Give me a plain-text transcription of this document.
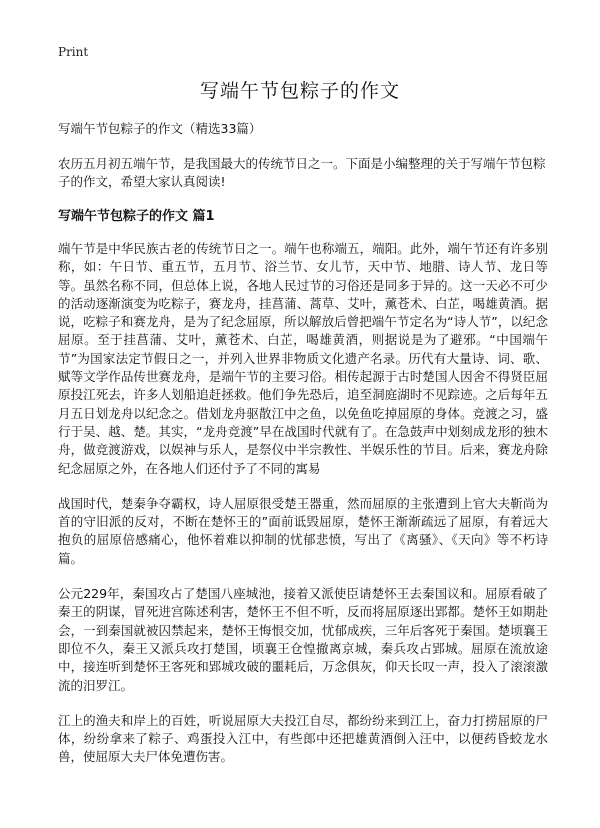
Print
写端午节包粽子的作文

写端午节包粽子的作文（精选33篇）

农历五月初五端午节，是我国最大的传统节日之一。下面是小编整理的关于写端午节包粽子的作文，希望大家认真阅读!

写端午节包粽子的作文 篇1

端午节是中华民族古老的传统节日之一。端午也称端五，端阳。此外，端午节还有许多别称，如：午日节、重五节，五月节、浴兰节、女儿节，天中节、地腊、诗人节、龙日等等。虽然名称不同，但总体上说，各地人民过节的习俗还是同多于异的。这一天必不可少的活动逐渐演变为吃粽子，赛龙舟，挂菖蒲、蒿草、艾叶，薰苍术、白芷，喝雄黄酒。据说，吃粽子和赛龙舟，是为了纪念屈原，所以解放后曾把端午节定名为“诗人节”，以纪念屈原。至于挂菖蒲、艾叶，薰苍术、白芷，喝雄黄酒，则据说是为了避邪。“中国端午节”为国家法定节假日之一，并列入世界非物质文化遗产名录。历代有大量诗、词、歌、赋等文学作品传世赛龙舟，是端午节的主要习俗。相传起源于古时楚国人因舍不得贤臣屈原投江死去，许多人划船追赶拯救。他们争先恐后，追至洞庭湖时不见踪迹。之后每年五月五日划龙舟以纪念之。借划龙舟驱散江中之鱼，以免鱼吃掉屈原的身体。竞渡之习，盛行于吴、越、楚。其实，“龙舟竞渡”早在战国时代就有了。在急鼓声中划刻成龙形的独木舟，做竞渡游戏，以娱神与乐人，是祭仪中半宗教性、半娱乐性的节目。后来，赛龙舟除纪念屈原之外，在各地人们还付予了不同的寓易

战国时代，楚秦争夺霸权，诗人屈原很受楚王器重，然而屈原的主张遭到上官大夫靳尚为首的守旧派的反对，不断在楚怀王的”面前诋毁屈原，楚怀王渐渐疏远了屈原，有着远大抱负的屈原倍感痛心，他怀着难以抑制的忧郁悲愤，写出了《离骚》、《天向》等不朽诗篇。

公元229年，秦国攻占了楚国八座城池，接着又派使臣请楚怀王去秦国议和。屈原看破了秦王的阴谋，冒死进宫陈述利害，楚怀王不但不听，反而将屈原逐出郢都。楚怀王如期赴会，一到秦国就被囚禁起来，楚怀王悔恨交加，忧郁成疾，三年后客死于秦国。楚顷襄王即位不久，秦王又派兵攻打楚国，顷襄王仓惶撤离京城，秦兵攻占郢城。屈原在流放途中，接连听到楚怀王客死和郢城攻破的噩耗后，万念俱灰，仰天长叹一声，投入了滚滚激流的汨罗江。

江上的渔夫和岸上的百姓，听说屈原大夫投江自尽，都纷纷来到江上，奋力打捞屈原的尸体，纷纷拿来了粽子、鸡蛋投入江中，有些郎中还把雄黄酒倒入汪中，以便药昏蛟龙水兽，使屈原大夫尸体免遭伤害。
